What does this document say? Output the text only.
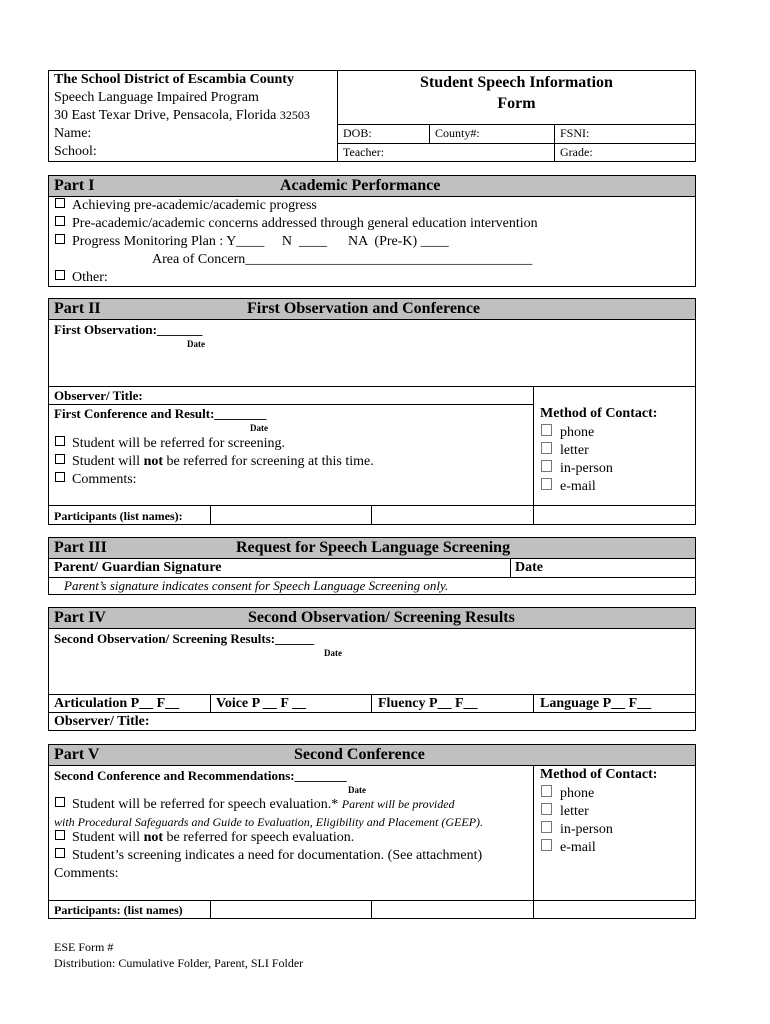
The School District of Escambia County
Speech Language Impaired Program
30 East Texar Drive, Pensacola, Florida 32503
Name:
School:
Student Speech Information
Form
DOB:	County#:	FSNI:
Teacher:	Grade:
Part I	Academic Performance
Achieving pre-academic/academic progress
Pre-academic/academic concerns addressed through general education intervention
Progress Monitoring Plan : Y____     N  ____      NA  (Pre-K) ____
Area of Concern_________________________________________
Other:
Part II	First Observation and Conference
First Observation:_______
Date
Observer/ Title:
First Conference and Result:________
Date
Student will be referred for screening.
Student will not be referred for screening at this time.
Comments:
Method of Contact:
phone
letter
in-person
e-mail
Participants (list names):
Part III	Request for Speech Language Screening
Parent/ Guardian Signature	Date
Parent’s signature indicates consent for Speech Language Screening only.
Part IV	Second Observation/ Screening Results
Second Observation/ Screening Results:______
Date
Articulation P__ F__	Voice P __ F __	Fluency P__ F__	Language P__ F__
Observer/ Title:
Part V	Second Conference
Second Conference and Recommendations:________
Date
Student will be referred for speech evaluation.* Parent will be provided
with Procedural Safeguards and Guide to Evaluation, Eligibility and Placement (GEEP).
Student will not be referred for speech evaluation.
Student’s screening indicates a need for documentation. (See attachment)
Comments:
Method of Contact:
phone
letter
in-person
e-mail
Participants: (list names)
ESE Form #
Distribution: Cumulative Folder, Parent, SLI Folder
